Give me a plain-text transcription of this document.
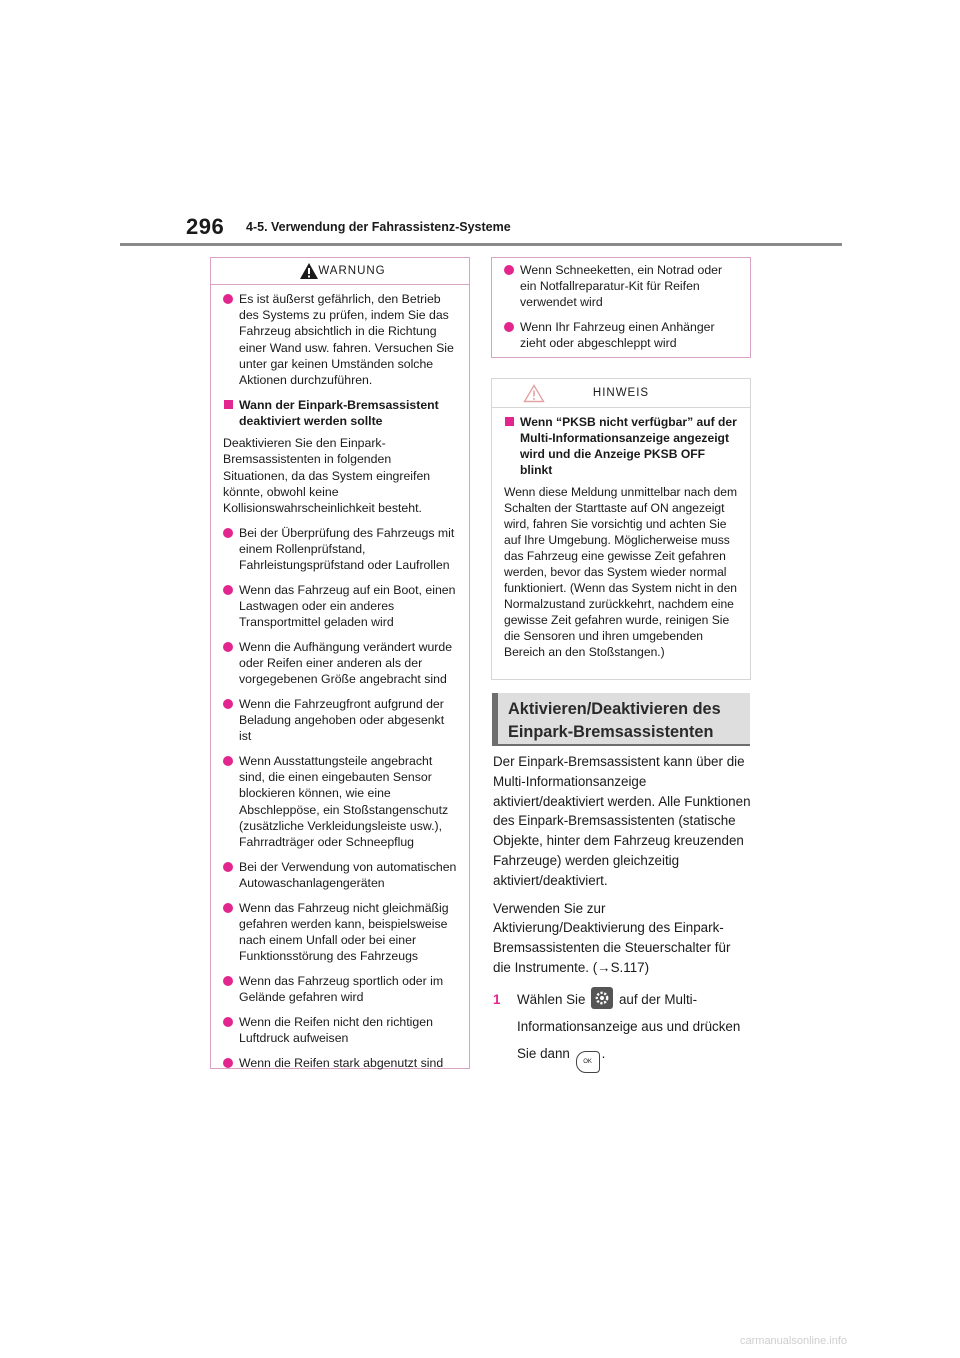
296 4-5. Verwendung der Fahrassistenz-Systeme
WARNUNG
Es ist äußerst gefährlich, den Betrieb des Systems zu prüfen, indem Sie das Fahrzeug absichtlich in die Richtung einer Wand usw. fahren. Versuchen Sie unter gar keinen Umständen solche Aktionen durchzuführen.
Wann der Einpark-Bremsassistent deaktiviert werden sollte
Deaktivieren Sie den Einpark-Bremsassistenten in folgenden Situationen, da das System eingreifen könnte, obwohl keine Kollisionswahrscheinlichkeit besteht.
Bei der Überprüfung des Fahrzeugs mit einem Rollenprüfstand, Fahrleistungsprüfstand oder Laufrollen
Wenn das Fahrzeug auf ein Boot, einen Lastwagen oder ein anderes Transportmittel geladen wird
Wenn die Aufhängung verändert wurde oder Reifen einer anderen als der vorgegebenen Größe angebracht sind
Wenn die Fahrzeugfront aufgrund der Beladung angehoben oder abgesenkt ist
Wenn Ausstattungsteile angebracht sind, die einen eingebauten Sensor blockieren können, wie eine Abschleppöse, ein Stoßstangenschutz (zusätzliche Verkleidungsleiste usw.), Fahrradträger oder Schneepflug
Bei der Verwendung von automatischen Autowaschanlagengeräten
Wenn das Fahrzeug nicht gleichmäßig gefahren werden kann, beispielsweise nach einem Unfall oder bei einer Funktionsstörung des Fahrzeugs
Wenn das Fahrzeug sportlich oder im Gelände gefahren wird
Wenn die Reifen nicht den richtigen Luftdruck aufweisen
Wenn die Reifen stark abgenutzt sind
Wenn Schneeketten, ein Notrad oder ein Notfallreparatur-Kit für Reifen verwendet wird
Wenn Ihr Fahrzeug einen Anhänger zieht oder abgeschleppt wird
HINWEIS
Wenn “PKSB nicht verfügbar” auf der Multi-Informationsanzeige angezeigt wird und die Anzeige PKSB OFF blinkt
Wenn diese Meldung unmittelbar nach dem Schalten der Starttaste auf ON angezeigt wird, fahren Sie vorsichtig und achten Sie auf Ihre Umgebung. Möglicherweise muss das Fahrzeug eine gewisse Zeit gefahren werden, bevor das System wieder normal funktioniert. (Wenn das System nicht in den Normalzustand zurückkehrt, nachdem eine gewisse Zeit gefahren wurde, reinigen Sie die Sensoren und ihren umgebenden Bereich an den Stoßstangen.)
Aktivieren/Deaktivieren des
Einpark-Bremsassistenten

Der Einpark-Bremsassistent kann über die Multi-Informationsanzeige aktiviert/deaktiviert werden. Alle Funktionen des Einpark-Bremsassistenten (statische Objekte, hinter dem Fahrzeug kreuzenden Fahrzeuge) werden gleichzeitig aktiviert/deaktiviert.

Verwenden Sie zur Aktivierung/Deaktivierung des Einpark-Bremsassistenten die Steuerschalter für die Instrumente. (→S.117)

1 Wählen Sie auf der Multi-Informationsanzeige aus und drücken Sie dann OK.
carmanualsonline.info
